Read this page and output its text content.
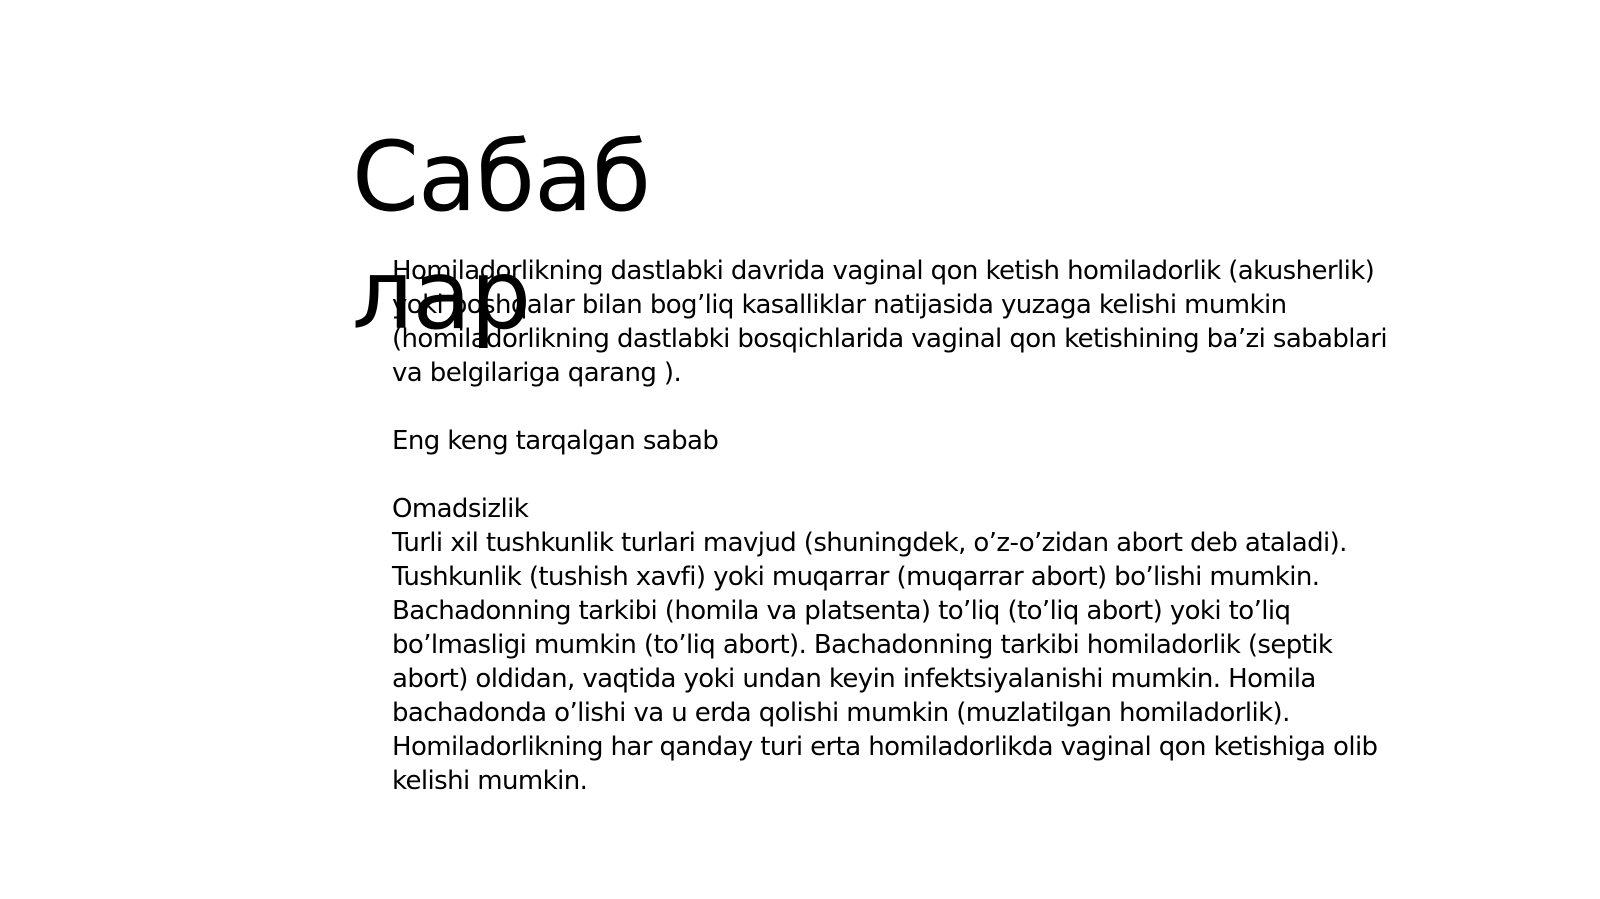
Сабаб лар

Homiladorlikning dastlabki davrida vaginal qon ketish homiladorlik (akusherlik) yoki boshqalar bilan bog’liq kasalliklar natijasida yuzaga kelishi mumkin (homiladorlikning dastlabki bosqichlarida vaginal qon ketishining ba’zi sabablari va belgilariga qarang ).

Eng keng tarqalgan sabab

Omadsizlik

Turli xil tushkunlik turlari mavjud (shuningdek, o’z-o’zidan abort deb ataladi). Tushkunlik (tushish xavfi) yoki muqarrar (muqarrar abort) bo’lishi mumkin. Bachadonning tarkibi (homila va platsenta) to’liq (to’liq abort) yoki to’liq bo’lmasligi mumkin (to’liq abort). Bachadonning tarkibi homiladorlik (septik abort) oldidan, vaqtida yoki undan keyin infektsiyalanishi mumkin. Homila bachadonda o’lishi va u erda qolishi mumkin (muzlatilgan homiladorlik). Homiladorlikning har qanday turi erta homiladorlikda vaginal qon ketishiga olib kelishi mumkin.
